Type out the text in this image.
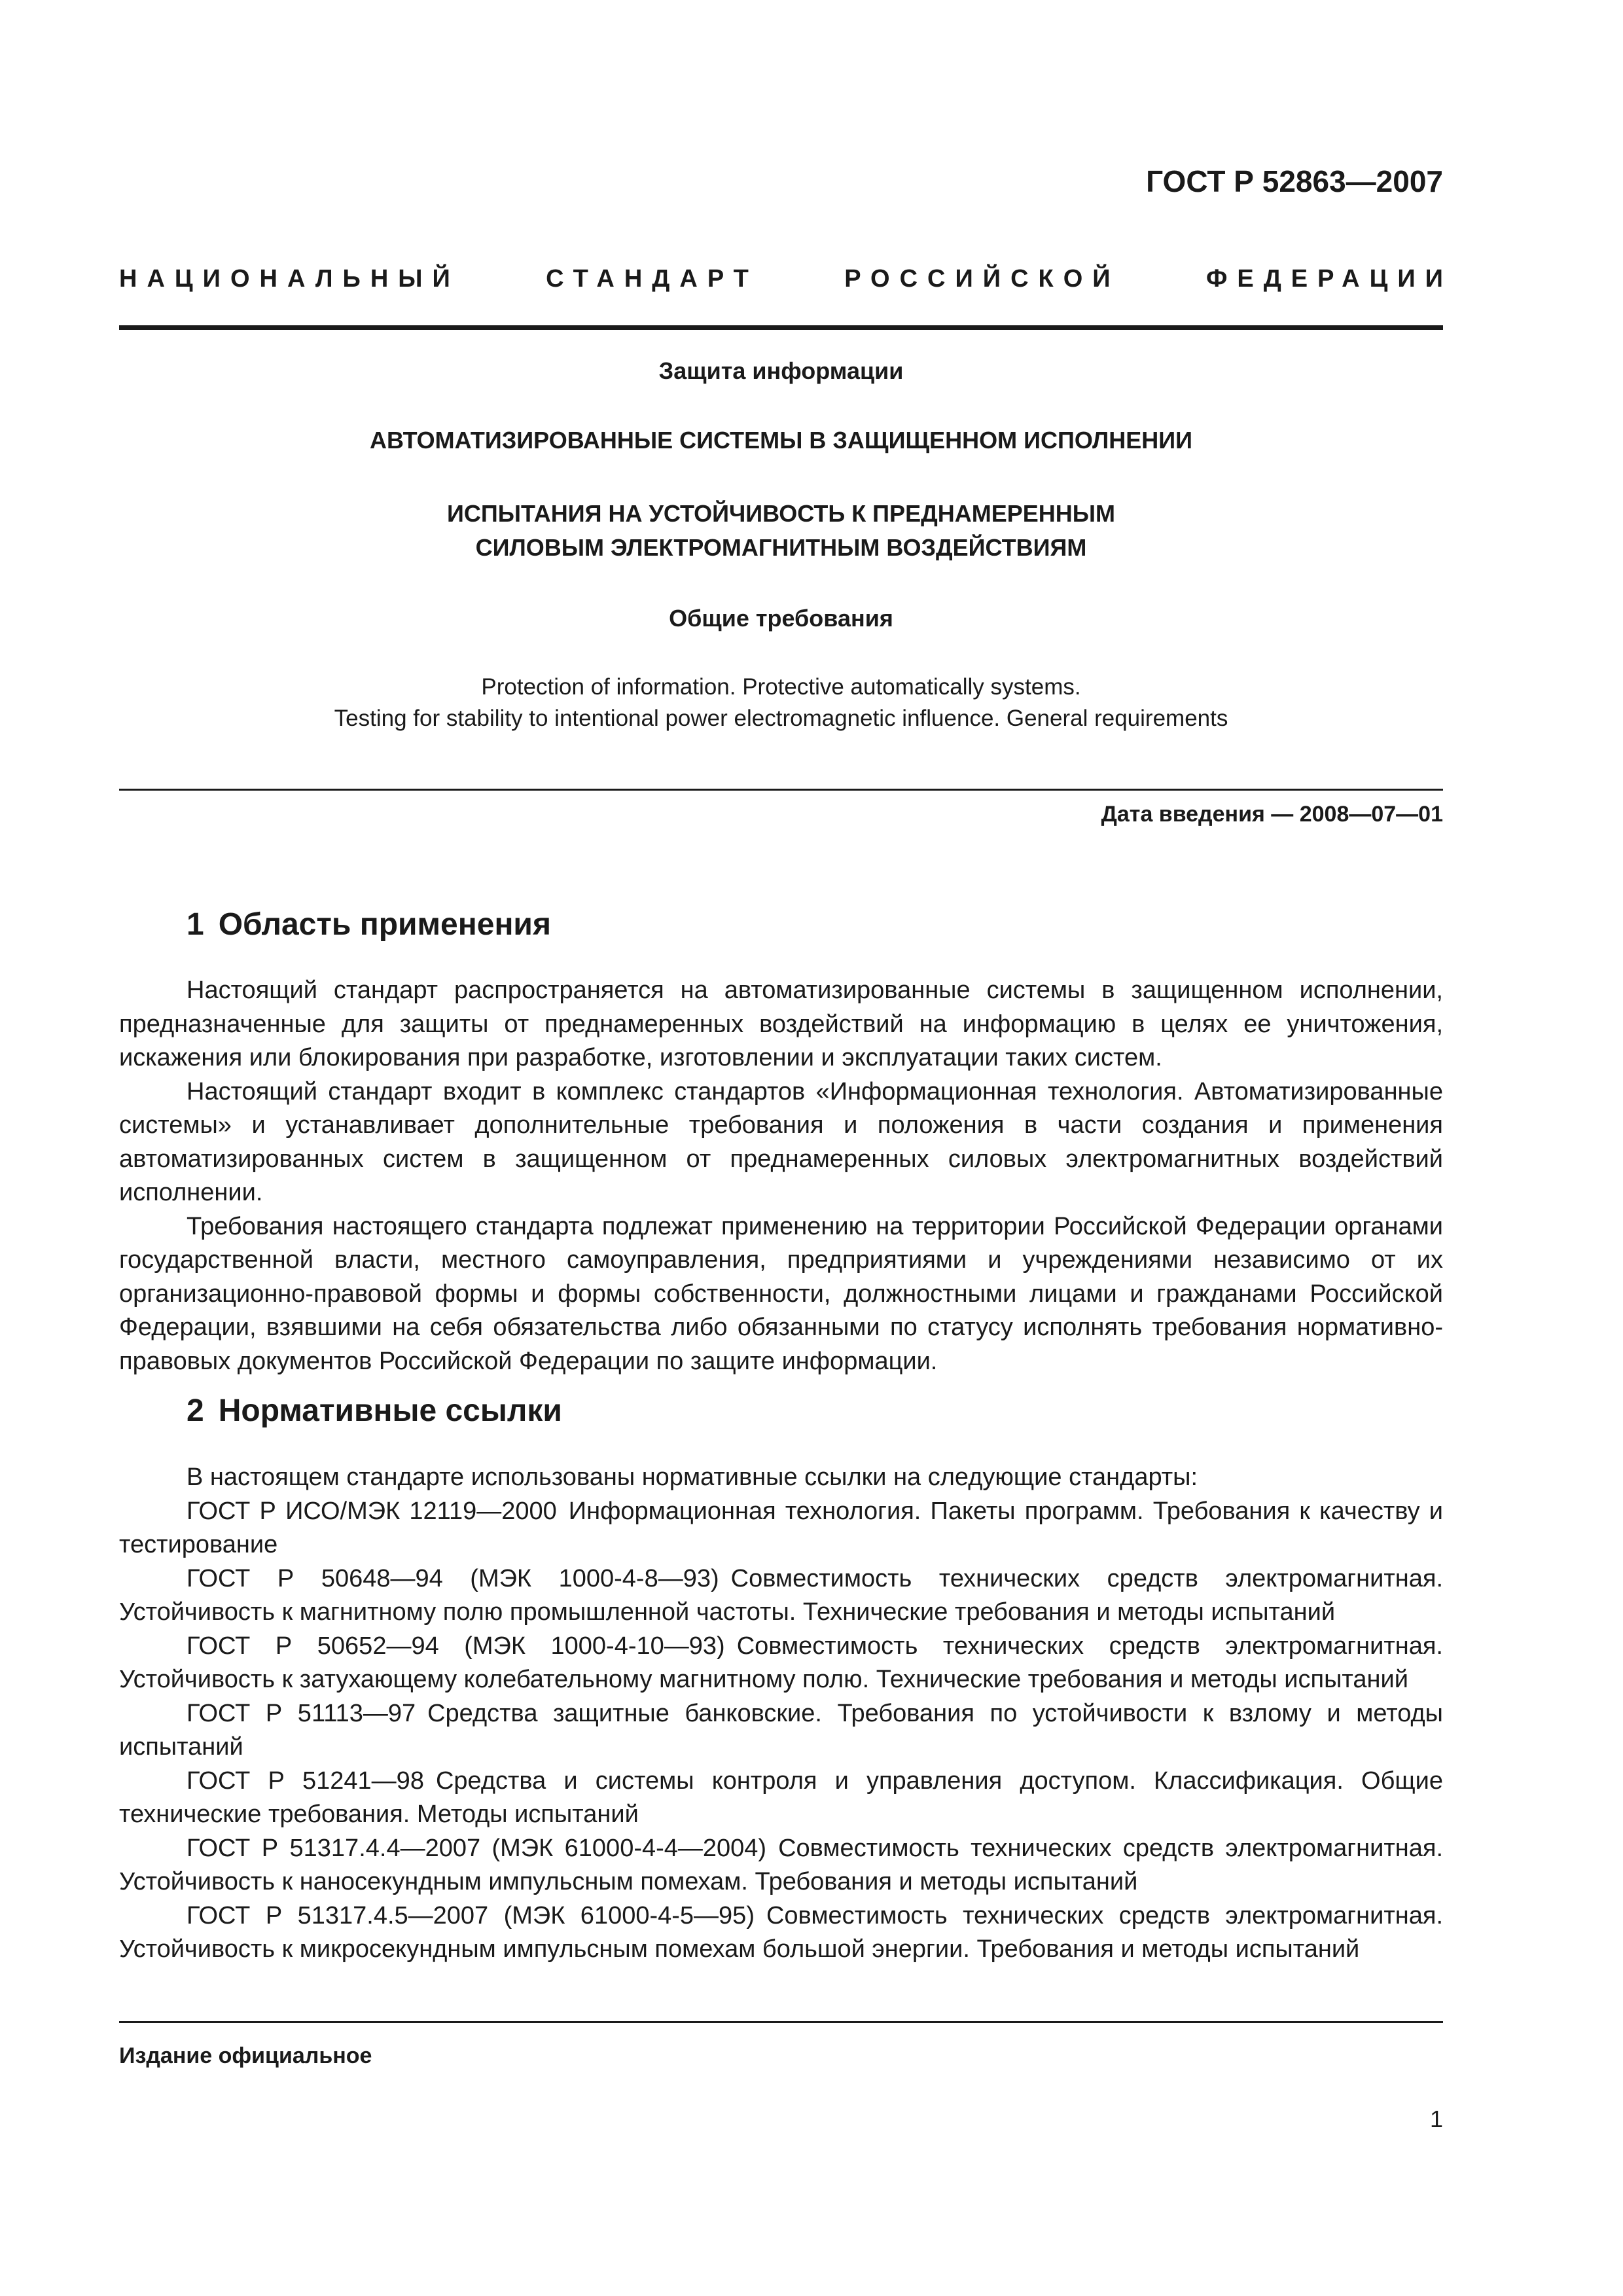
ГОСТ Р 52863—2007
НАЦИОНАЛЬНЫЙ	СТАНДАРТ	РОССИЙСКОЙ	ФЕДЕРАЦИИ
Защита информации
АВТОМАТИЗИРОВАННЫЕ СИСТЕМЫ В ЗАЩИЩЕННОМ ИСПОЛНЕНИИ
ИСПЫТАНИЯ НА УСТОЙЧИВОСТЬ К ПРЕДНАМЕРЕННЫМ
СИЛОВЫМ ЭЛЕКТРОМАГНИТНЫМ ВОЗДЕЙСТВИЯМ
Общие требования
Protection of information. Protective automatically systems.
Testing for stability to intentional power electromagnetic influence. General requirements
Дата введения — 2008—07—01
1 Область применения

Настоящий стандарт распространяется на автоматизированные системы в защищенном исполнении, предназначенные для защиты от преднамеренных воздействий на информацию в целях ее уничтожения, искажения или блокирования при разработке, изготовлении и эксплуатации таких систем.

Настоящий стандарт входит в комплекс стандартов «Информационная технология. Автоматизированные системы» и устанавливает дополнительные требования и положения в части создания и применения автоматизированных систем в защищенном от преднамеренных силовых электромагнитных воздействий исполнении.

Требования настоящего стандарта подлежат применению на территории Российской Федерации органами государственной власти, местного самоуправления, предприятиями и учреждениями независимо от их организационно-правовой формы и формы собственности, должностными лицами и гражданами Российской Федерации, взявшими на себя обязательства либо обязанными по статусу исполнять требования нормативно-правовых документов Российской Федерации по защите информации.

2 Нормативные ссылки

В настоящем стандарте использованы нормативные ссылки на следующие стандарты:

ГОСТ Р ИСО/МЭК 12119—2000 Информационная технология. Пакеты программ. Требования к качеству и тестирование
ГОСТ Р 50648—94 (МЭК 1000-4-8—93) Совместимость технических средств электромагнитная. Устойчивость к магнитному полю промышленной частоты. Технические требования и методы испытаний
ГОСТ Р 50652—94 (МЭК 1000-4-10—93) Совместимость технических средств электромагнитная. Устойчивость к затухающему колебательному магнитному полю. Технические требования и методы испытаний
ГОСТ Р 51113—97 Средства защитные банковские. Требования по устойчивости к взлому и методы испытаний
ГОСТ Р 51241—98 Средства и системы контроля и управления доступом. Классификация. Общие технические требования. Методы испытаний
ГОСТ Р 51317.4.4—2007 (МЭК 61000-4-4—2004) Совместимость технических средств электромагнитная. Устойчивость к наносекундным импульсным помехам. Требования и методы испытаний
ГОСТ Р 51317.4.5—2007 (МЭК 61000-4-5—95) Совместимость технических средств электромагнитная. Устойчивость к микросекундным импульсным помехам большой энергии. Требования и методы испытаний
Издание официальное
1
